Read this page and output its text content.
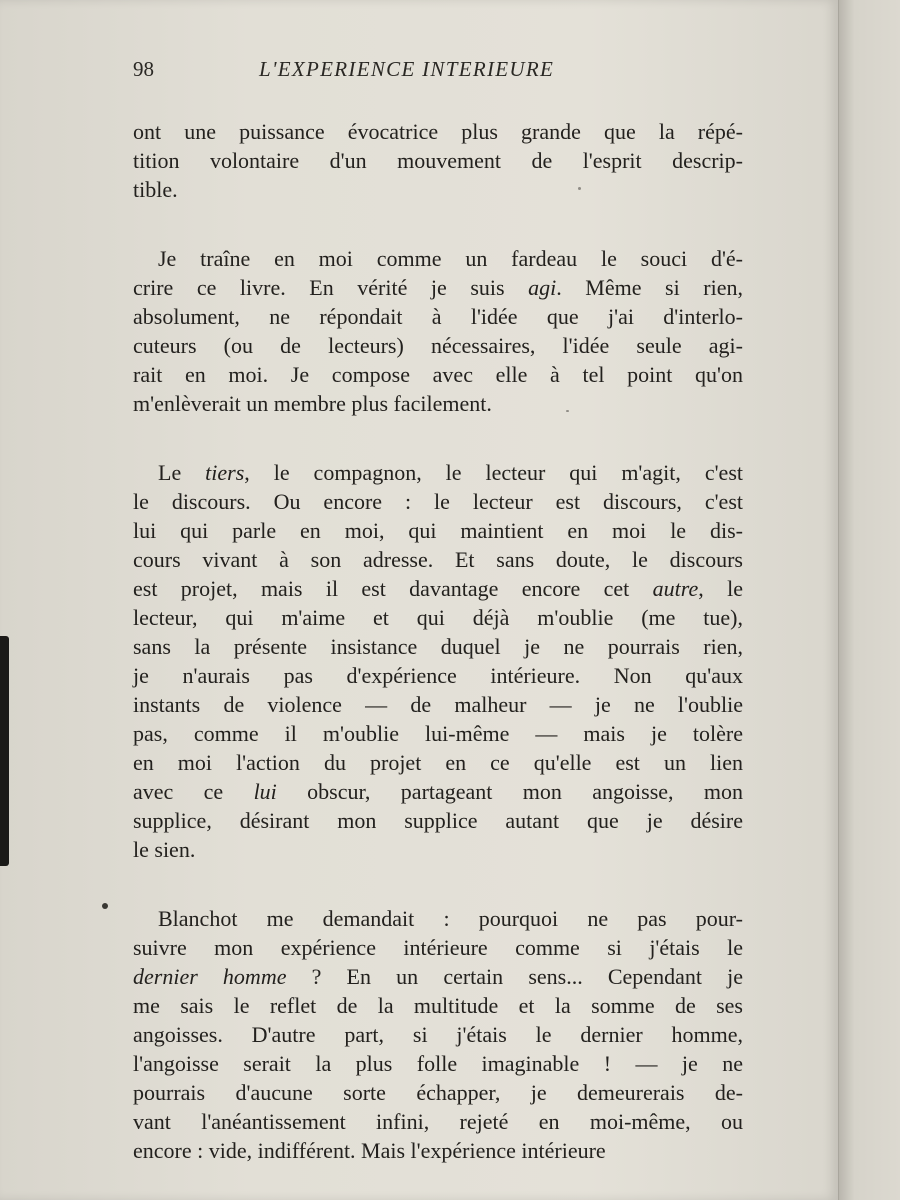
98	L'EXPERIENCE INTERIEURE
ont une puissance évocatrice plus grande que la répé-
tition volontaire d'un mouvement de l'esprit descrip-
tible.
Je traîne en moi comme un fardeau le souci d'é-
crire ce livre. En vérité je suis agi. Même si rien,
absolument, ne répondait à l'idée que j'ai d'interlo-
cuteurs (ou de lecteurs) nécessaires, l'idée seule agi-
rait en moi. Je compose avec elle à tel point qu'on
m'enlèverait un membre plus facilement.
Le tiers, le compagnon, le lecteur qui m'agit, c'est
le discours. Ou encore : le lecteur est discours, c'est
lui qui parle en moi, qui maintient en moi le dis-
cours vivant à son adresse. Et sans doute, le discours
est projet, mais il est davantage encore cet autre, le
lecteur, qui m'aime et qui déjà m'oublie (me tue),
sans la présente insistance duquel je ne pourrais rien,
je n'aurais pas d'expérience intérieure. Non qu'aux
instants de violence — de malheur — je ne l'oublie
pas, comme il m'oublie lui-même — mais je tolère
en moi l'action du projet en ce qu'elle est un lien
avec ce lui obscur, partageant mon angoisse, mon
supplice, désirant mon supplice autant que je désire
le sien.
Blanchot me demandait : pourquoi ne pas pour-
suivre mon expérience intérieure comme si j'étais le
dernier homme ? En un certain sens... Cependant je
me sais le reflet de la multitude et la somme de ses
angoisses. D'autre part, si j'étais le dernier homme,
l'angoisse serait la plus folle imaginable ! — je ne
pourrais d'aucune sorte échapper, je demeurerais de-
vant l'anéantissement infini, rejeté en moi-même, ou
encore : vide, indifférent. Mais l'expérience intérieure
